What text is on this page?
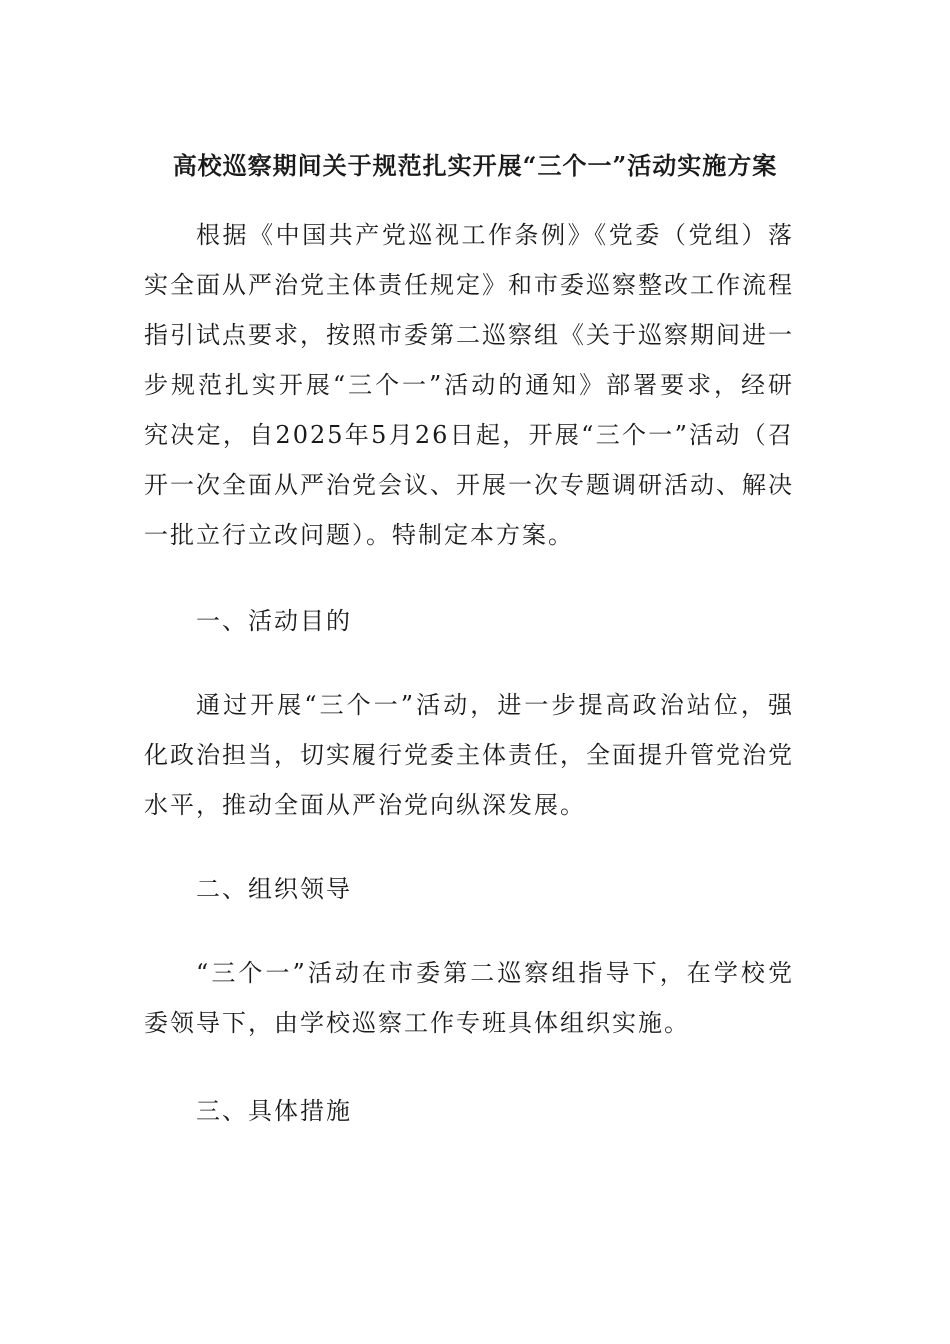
高校巡察期间关于规范扎实开展“三个一”活动实施方案

根据《中国共产党巡视工作条例》《党委（党组）落实全面从严治党主体责任规定》和市委巡察整改工作流程指引试点要求，按照市委第二巡察组《关于巡察期间进一步规范扎实开展“三个一”活动的通知》部署要求，经研究决定，自2025年5月26日起，开展“三个一”活动（召开一次全面从严治党会议、开展一次专题调研活动、解决一批立行立改问题）。特制定本方案。

一、活动目的

通过开展“三个一”活动，进一步提高政治站位，强化政治担当，切实履行党委主体责任，全面提升管党治党水平，推动全面从严治党向纵深发展。

二、组织领导

“三个一”活动在市委第二巡察组指导下，在学校党委领导下，由学校巡察工作专班具体组织实施。

三、具体措施
